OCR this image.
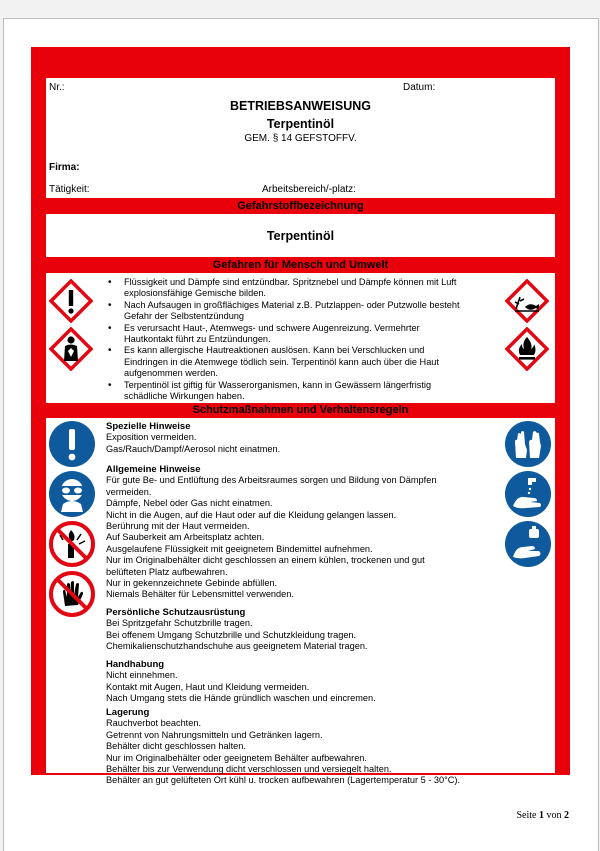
Nr.:	Datum:
BETRIEBSANWEISUNG
Terpentinöl
GEM. § 14 GEFSTOFFV.
Firma:
Tätigkeit:	Arbeitsbereich/-platz:
Gefahrstoffbezeichnung
Terpentinöl
Gefahren für Mensch und Umwelt
• Flüssigkeit und Dämpfe sind entzündbar. Spritznebel und Dämpfe können mit Luft
explosionsfähige Gemische bilden.
• Nach Aufsaugen in großflächiges Material z.B. Putzlappen- oder Putzwolle besteht
Gefahr der Selbstentzündung
• Es verursacht Haut-, Atemwegs- und schwere Augenreizung. Vermehrter
Hautkontakt führt zu Entzündungen.
• Es kann allergische Hautreaktionen auslösen. Kann bei Verschlucken und
Eindringen in die Atemwege tödlich sein. Terpentinöl kann auch über die Haut
aufgenommen werden.
• Terpentinöl ist giftig für Wasserorganismen, kann in Gewässern längerfristig
schädliche Wirkungen haben.
Schutzmaßnahmen und Verhaltensregeln
Spezielle Hinweise
Exposition vermeiden.
Gas/Rauch/Dampf/Aerosol nicht einatmen.
Allgemeine Hinweise
Für gute Be- und Entlüftung des Arbeitsraumes sorgen und Bildung von Dämpfen
vermeiden.
Dämpfe, Nebel oder Gas nicht einatmen.
Nicht in die Augen, auf die Haut oder auf die Kleidung gelangen lassen.
Berührung mit der Haut vermeiden.
Auf Sauberkeit am Arbeitsplatz achten.
Ausgelaufene Flüssigkeit mit geeignetem Bindemittel aufnehmen.
Nur im Originalbehälter dicht geschlossen an einem kühlen, trockenen und gut
belüfteten Platz aufbewahren.
Nur in gekennzeichnete Gebinde abfüllen.
Niemals Behälter für Lebensmittel verwenden.
Persönliche Schutzausrüstung
Bei Spritzgefahr Schutzbrille tragen.
Bei offenem Umgang Schutzbrille und Schutzkleidung tragen.
Chemikalienschutzhandschuhe aus geeignetem Material tragen.
Handhabung
Nicht einnehmen.
Kontakt mit Augen, Haut und Kleidung vermeiden.
Nach Umgang stets die Hände gründlich waschen und eincremen.
Lagerung
Rauchverbot beachten.
Getrennt von Nahrungsmitteln und Getränken lagern.
Behälter dicht geschlossen halten.
Nur im Originalbehälter oder geeignetem Behälter aufbewahren.
Behälter bis zur Verwendung dicht verschlossen und versiegelt halten.
Behälter an gut gelüfteten Ort kühl u. trocken aufbewahren (Lagertemperatur 5 - 30°C).
Seite 1 von 2
